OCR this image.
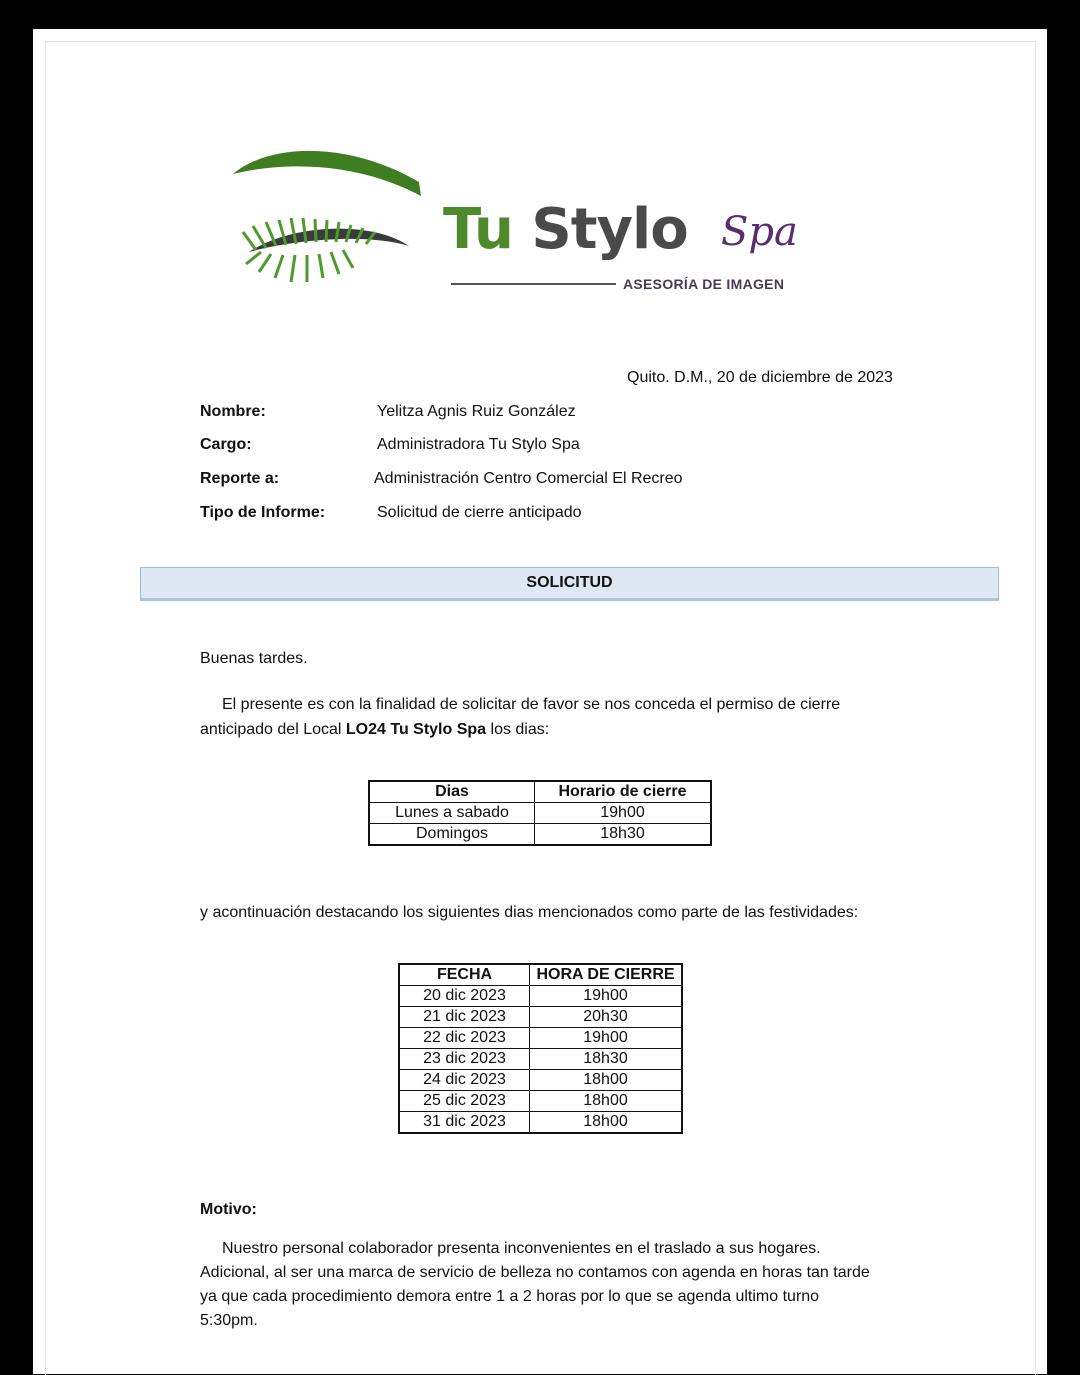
Tu Stylo Spa
ASESORÍA DE IMAGEN
Quito. D.M., 20 de diciembre de 2023
Nombre:	Yelitza Agnis Ruiz González
Cargo:	Administradora Tu Stylo Spa
Reporte a:	Administración Centro Comercial El Recreo
Tipo de Informe:	Solicitud de cierre anticipado
SOLICITUD
Buenas tardes.
El presente es con la finalidad de solicitar de favor se nos conceda el permiso de cierre
anticipado del Local LO24 Tu Stylo Spa los dias:
Dias	Horario de cierre
Lunes a sabado	19h00
Domingos	18h30
y acontinuación destacando los siguientes dias mencionados como parte de las festividades:
FECHA	HORA DE CIERRE
20 dic 2023	19h00
21 dic 2023	20h30
22 dic 2023	19h00
23 dic 2023	18h30
24 dic 2023	18h00
25 dic 2023	18h00
31 dic 2023	18h00
Motivo:
Nuestro personal colaborador presenta inconvenientes en el traslado a sus hogares.
Adicional, al ser una marca de servicio de belleza no contamos con agenda en horas tan tarde
ya que cada procedimiento demora entre 1 a 2 horas por lo que se agenda ultimo turno
5:30pm.
